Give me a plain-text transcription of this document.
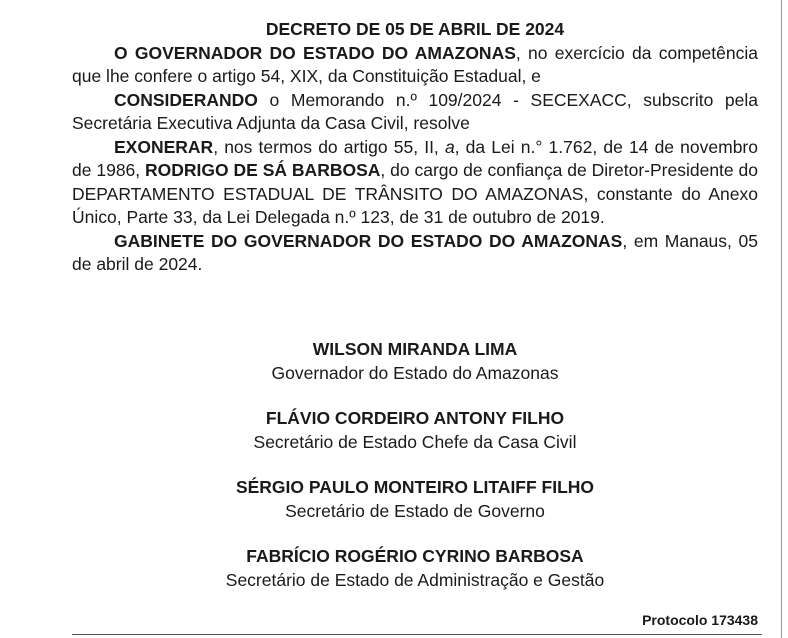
DECRETO DE 05 DE ABRIL DE 2024

O GOVERNADOR DO ESTADO DO AMAZONAS, no exercício da competência que lhe confere o artigo 54, XIX, da Constituição Estadual, e

CONSIDERANDO o Memorando n.º 109/2024 - SECEXACC, subscrito pela Secretária Executiva Adjunta da Casa Civil, resolve

EXONERAR, nos termos do artigo 55, II, a, da Lei n.° 1.762, de 14 de novembro de 1986, RODRIGO DE SÁ BARBOSA, do cargo de confiança de Diretor-Presidente do DEPARTAMENTO ESTADUAL DE TRÂNSITO DO AMAZONAS, constante do Anexo Único, Parte 33, da Lei Delegada n.º 123, de 31 de outubro de 2019.

GABINETE DO GOVERNADOR DO ESTADO DO AMAZONAS, em Manaus, 05 de abril de 2024.

WILSON MIRANDA LIMA
Governador do Estado do Amazonas
FLÁVIO CORDEIRO ANTONY FILHO
Secretário de Estado Chefe da Casa Civil
SÉRGIO PAULO MONTEIRO LITAIFF FILHO
Secretário de Estado de Governo
FABRÍCIO ROGÉRIO CYRINO BARBOSA
Secretário de Estado de Administração e Gestão
Protocolo 173438
